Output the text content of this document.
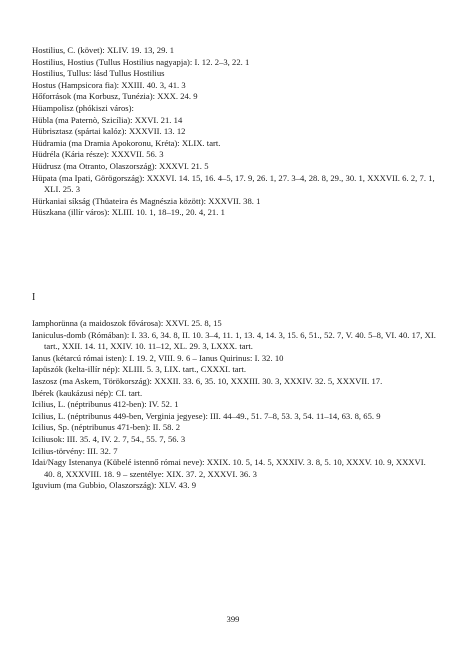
Hostilius, C. (követ): XLIV. 19. 13, 29. 1
Hostilius, Hostius (Tullus Hostilius nagyapja): I. 12. 2–3, 22. 1
Hostilius, Tullus: lásd Tullus Hostilius
Hostus (Hampsicora fia): XXIII. 40. 3, 41. 3
Hőforrások (ma Korbusz, Tunézia): XXX. 24. 9
Hüampolisz (phókiszi város):
Hübla (ma Paternò, Szicília): XXVI. 21. 14
Hübrisztasz (spártai kalóz): XXXVII. 13. 12
Hüdramia (ma Dramia Apokoronu, Kréta): XLIX. tart.
Hüdréla (Kária része): XXXVII. 56. 3
Hüdrusz (ma Otranto, Olaszország): XXXVI. 21. 5
Hüpata (ma Ipati, Görögország): XXXVI. 14. 15, 16. 4–5, 17. 9, 26. 1, 27. 3–4, 28. 8, 29., 30. 1, XXXVII. 6. 2, 7. 1, XLI. 25. 3
Hürkaniai síkság (Thüateira és Magnészia között): XXXVII. 38. 1
Hüszkana (illír város): XLIII. 10. 1, 18–19., 20. 4, 21. 1
I
Iamphorünna (a maidoszok fővárosa): XXVI. 25. 8, 15
Ianiculus-domb (Rómában): I. 33. 6, 34. 8, II. 10. 3–4, 11. 1, 13. 4, 14. 3, 15. 6, 51., 52. 7, V. 40. 5–8, VI. 40. 17, XI. tart., XXII. 14. 11, XXIV. 10. 11–12, XL. 29. 3, LXXX. tart.
Ianus (kétarcú római isten): I. 19. 2, VIII. 9. 6 – Ianus Quirinus: I. 32. 10
Iapüszók (kelta-illír nép): XLIII. 5. 3, LIX. tart., CXXXI. tart.
Iaszosz (ma Askem, Törökország): XXXII. 33. 6, 35. 10, XXXIII. 30. 3, XXXIV. 32. 5, XXXVII. 17.
Ibérek (kaukázusi nép): CI. tart.
Icilius, L. (néptribunus 412-ben): IV. 52. 1
Icilius, L. (néptribunus 449-ben, Verginia jegyese): III. 44–49., 51. 7–8, 53. 3, 54. 11–14, 63. 8, 65. 9
Icilius, Sp. (néptribunus 471-ben): II. 58. 2
Iciliusok: III. 35. 4, IV. 2. 7, 54., 55. 7, 56. 3
Icilius-törvény: III. 32. 7
Idai/Nagy Istenanya (Kübelé istennő római neve): XXIX. 10. 5, 14. 5, XXXIV. 3. 8, 5. 10, XXXV. 10. 9, XXXVI. 40. 8, XXXVIII. 18. 9 – szentélye: XIX. 37. 2, XXXVI. 36. 3
Iguvium (ma Gubbio, Olaszország): XLV. 43. 9
399
